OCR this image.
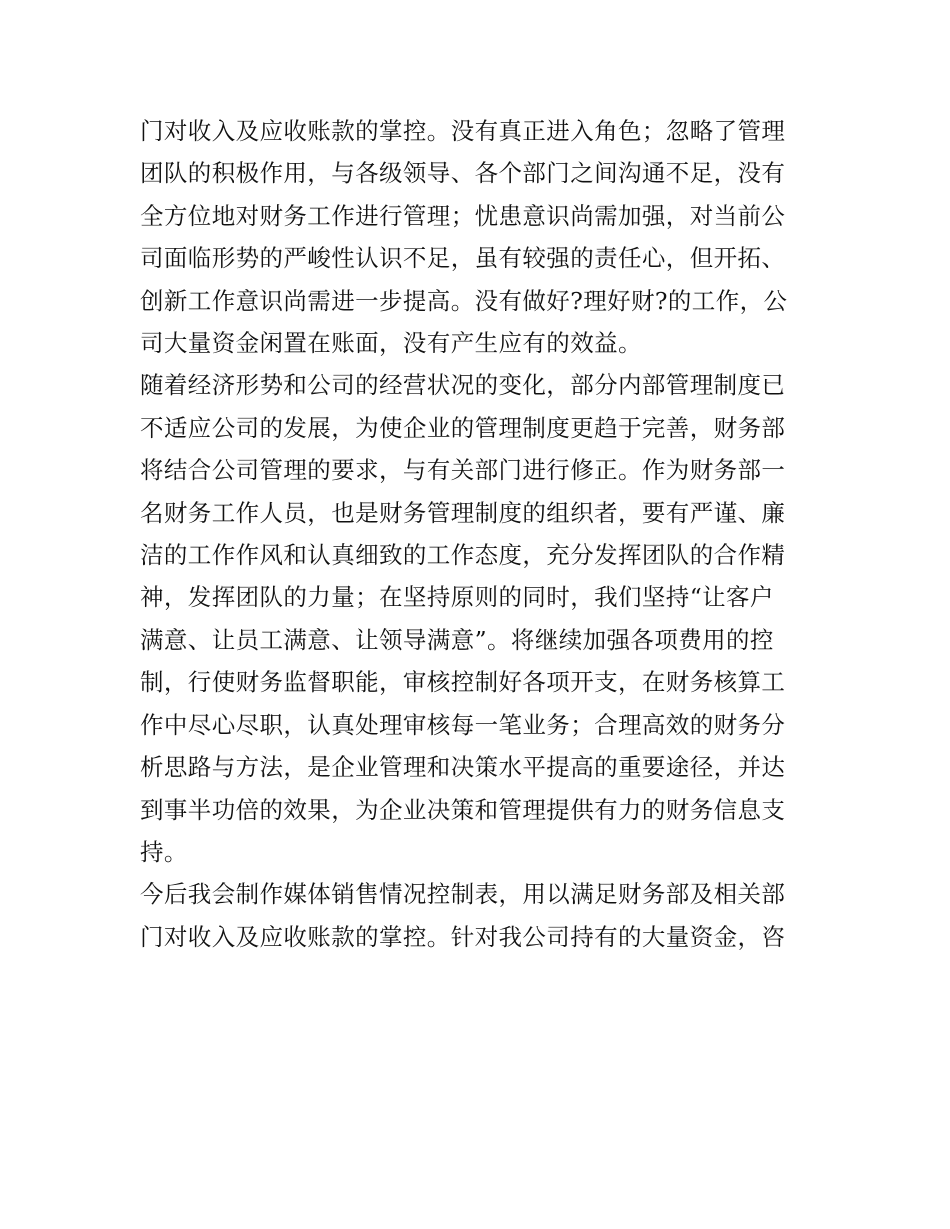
门对收入及应收账款的掌控。没有真正进入角色；忽略了管理
团队的积极作用，与各级领导、各个部门之间沟通不足，没有
全方位地对财务工作进行管理；忧患意识尚需加强，对当前公
司面临形势的严峻性认识不足，虽有较强的责任心，但开拓、
创新工作意识尚需进一步提高。没有做好?理好财?的工作，公
司大量资金闲置在账面，没有产生应有的效益。

随着经济形势和公司的经营状况的变化，部分内部管理制度已
不适应公司的发展，为使企业的管理制度更趋于完善，财务部
将结合公司管理的要求，与有关部门进行修正。作为财务部一
名财务工作人员，也是财务管理制度的组织者，要有严谨、廉
洁的工作作风和认真细致的工作态度，充分发挥团队的合作精
神，发挥团队的力量；在坚持原则的同时，我们坚持“让客户
满意、让员工满意、让领导满意”。将继续加强各项费用的控
制，行使财务监督职能，审核控制好各项开支，在财务核算工
作中尽心尽职，认真处理审核每一笔业务；合理高效的财务分
析思路与方法，是企业管理和决策水平提高的重要途径，并达
到事半功倍的效果，为企业决策和管理提供有力的财务信息支
持。

今后我会制作媒体销售情况控制表，用以满足财务部及相关部
门对收入及应收账款的掌控。针对我公司持有的大量资金，咨
